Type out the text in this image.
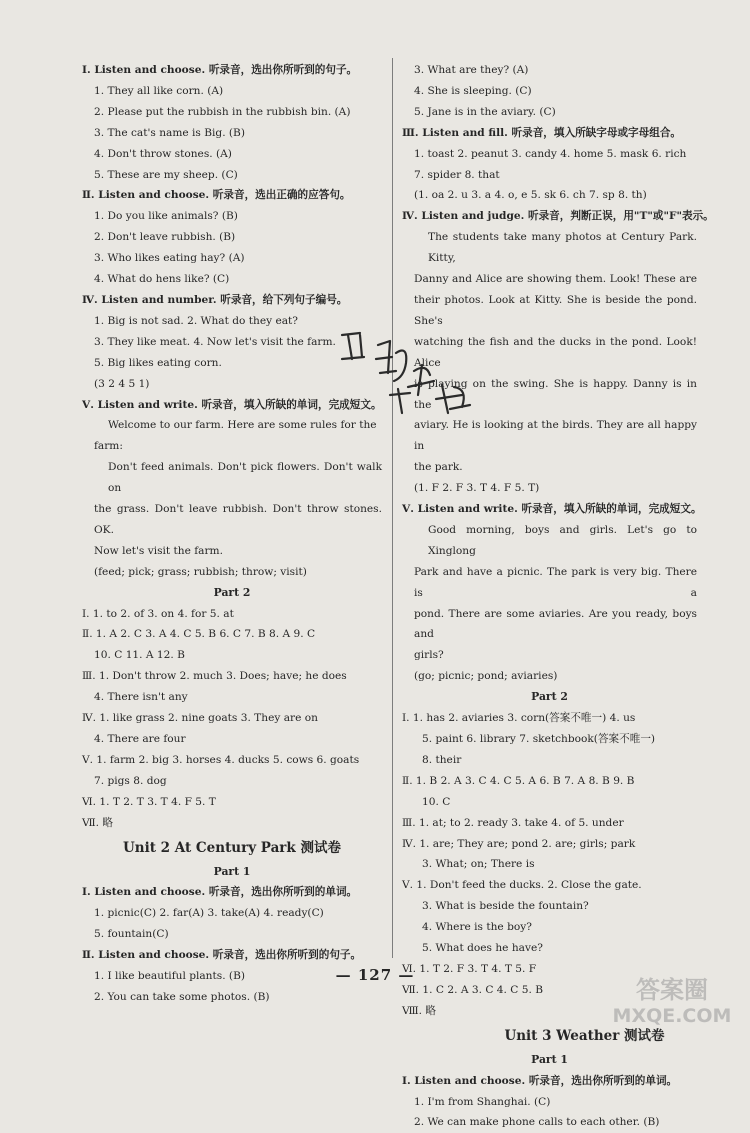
Ⅰ. Listen and choose. 听录音，选出你所听到的句子。
1. They all like corn. (A)
2. Please put the rubbish in the rubbish bin. (A)
3. The cat's name is Big. (B)
4. Don't throw stones. (A)
5. These are my sheep. (C)
Ⅱ. Listen and choose. 听录音，选出正确的应答句。
1. Do you like animals? (B)
2. Don't leave rubbish. (B)
3. Who likes eating hay? (A)
4. What do hens like? (C)
Ⅳ. Listen and number. 听录音，给下列句子编号。
1. Big is not sad. 2. What do they eat?
3. They like meat. 4. Now let's visit the farm.
5. Big likes eating corn.
(3 2 4 5 1)
Ⅴ. Listen and write. 听录音，填入所缺的单词，完成短文。
Welcome to our farm. Here are some rules for the
farm:
Don't feed animals. Don't pick flowers. Don't walk on
the grass. Don't leave rubbish. Don't throw stones. OK.
Now let's visit the farm.
(feed; pick; grass; rubbish; throw; visit)
Part 2
Ⅰ. 1. to 2. of 3. on 4. for 5. at
Ⅱ. 1. A 2. C 3. A 4. C 5. B 6. C 7. B 8. A 9. C
10. C 11. A 12. B
Ⅲ. 1. Don't throw 2. much 3. Does; have; he does
4. There isn't any
Ⅳ. 1. like grass 2. nine goats 3. They are on
4. There are four
Ⅴ. 1. farm 2. big 3. horses 4. ducks 5. cows 6. goats
7. pigs 8. dog
Ⅵ. 1. T 2. T 3. T 4. F 5. T
Ⅶ. 略
Unit 2 At Century Park 测试卷
Part 1
Ⅰ. Listen and choose. 听录音，选出你所听到的单词。
1. picnic(C) 2. far(A) 3. take(A) 4. ready(C)
5. fountain(C)
Ⅱ. Listen and choose. 听录音，选出你所听到的句子。
1. I like beautiful plants. (B)
2. You can take some photos. (B)
3. What are they? (A)
4. She is sleeping. (C)
5. Jane is in the aviary. (C)
Ⅲ. Listen and fill. 听录音，填入所缺字母或字母组合。
1. toast 2. peanut 3. candy 4. home 5. mask 6. rich
7. spider 8. that
(1. oa 2. u 3. a 4. o, e 5. sk 6. ch 7. sp 8. th)
Ⅳ. Listen and judge. 听录音，判断正误，用"T"或"F"表示。
The students take many photos at Century Park. Kitty,
Danny and Alice are showing them. Look! These are
their photos. Look at Kitty. She is beside the pond. She's
watching the fish and the ducks in the pond. Look! Alice
is playing on the swing. She is happy. Danny is in the
aviary. He is looking at the birds. They are all happy in
the park.
(1. F 2. F 3. T 4. F 5. T)
Ⅴ. Listen and write. 听录音，填入所缺的单词，完成短文。
Good morning, boys and girls. Let's go to Xinglong
Park and have a picnic. The park is very big. There is a
pond. There are some aviaries. Are you ready, boys and
girls?
(go; picnic; pond; aviaries)
Part 2
Ⅰ. 1. has 2. aviaries 3. corn(答案不唯一) 4. us
5. paint 6. library 7. sketchbook(答案不唯一)
8. their
Ⅱ. 1. B 2. A 3. C 4. C 5. A 6. B 7. A 8. B 9. B
10. C
Ⅲ. 1. at; to 2. ready 3. take 4. of 5. under
Ⅳ. 1. are; They are; pond 2. are; girls; park
3. What; on; There is
Ⅴ. 1. Don't feed the ducks. 2. Close the gate.
3. What is beside the fountain?
4. Where is the boy?
5. What does he have?
Ⅵ. 1. T 2. F 3. T 4. T 5. F
Ⅶ. 1. C 2. A 3. C 4. C 5. B
Ⅷ. 略
Unit 3 Weather 测试卷
Part 1
Ⅰ. Listen and choose. 听录音，选出你所听到的单词。
1. I'm from Shanghai. (C)
2. We can make phone calls to each other. (B)
— 127 —
答案圈
MXQE.COM
